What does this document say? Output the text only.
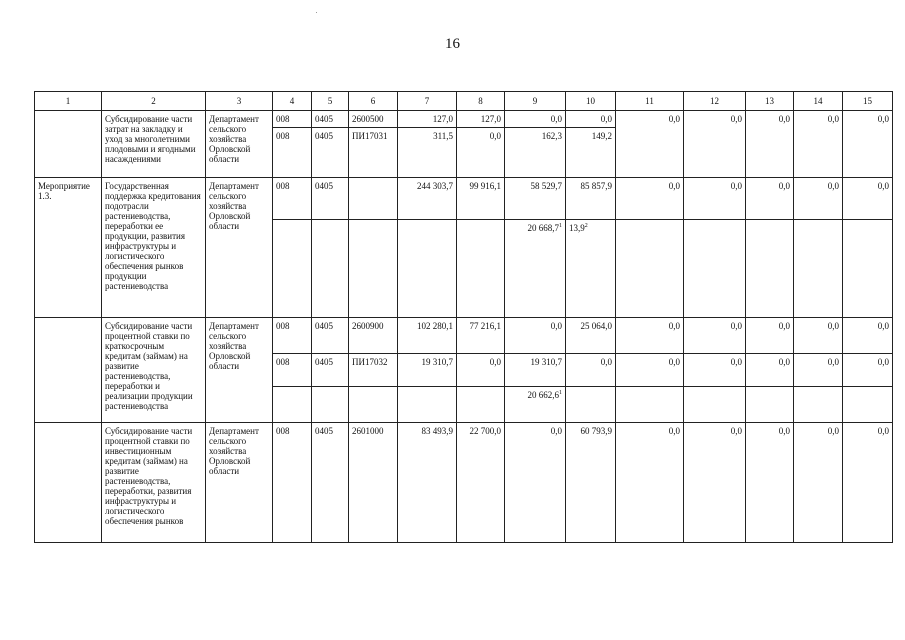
16
1	2	3	4	5	6	7	8	9	10	11	12	13	14	15
	Субсидирование части затрат на закладку и уход за многолетними плодовыми и ягодными насаждениями	Департамент сельского хозяйства Орловской области	008	0405	2600500	127,0	127,0	0,0	0,0	0,0	0,0	0,0	0,0	0,0
			008	0405	ПИ17031	311,5	0,0	162,3	149,2					
Мероприятие 1.3.	Государственная поддержка кредитования подотрасли растениеводства, переработки ее продукции, развития инфраструктуры и логистического обеспечения рынков продукции растениеводства	Департамент сельского хозяйства Орловской области	008	0405		244 303,7	99 916,1	58 529,7	85 857,9	0,0	0,0	0,0	0,0	0,0
								20 668,7$^1$	13,9$^2$					
	Субсидирование части процентной ставки по краткосрочным кредитам (займам) на развитие растениеводства, переработки и реализации продукции растениеводства	Департамент сельского хозяйства Орловской области	008	0405	2600900	102 280,1	77 216,1	0,0	25 064,0	0,0	0,0	0,0	0,0	0,0
			008	0405	ПИ17032	19 310,7	0,0	19 310,7	0,0	0,0	0,0	0,0	0,0	0,0
								20 662,6$^1$						
	Субсидирование части процентной ставки по инвестиционным кредитам (займам) на развитие растениеводства, переработки, развития инфраструктуры и логистического обеспечения рынков	Департамент сельского хозяйства Орловской области	008	0405	2601000	83 493,9	22 700,0	0,0	60 793,9	0,0	0,0	0,0	0,0	0,0
